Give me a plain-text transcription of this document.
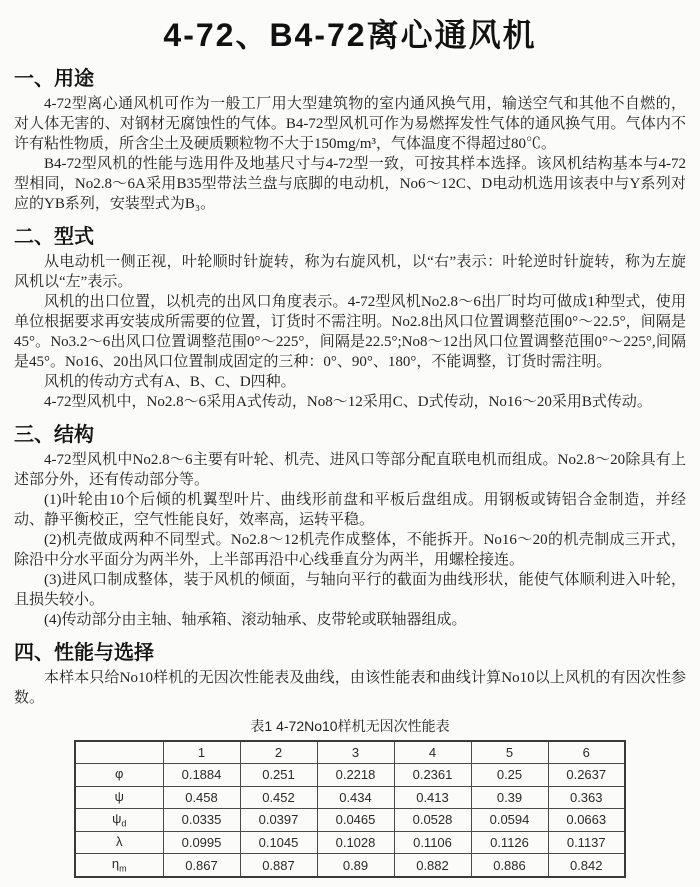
4-72、B4-72离心通风机
一、用途

4-72型离心通风机可作为一般工厂用大型建筑物的室内通风换气用，输送空气和其他不自燃的，对人体无害的、对钢材无腐蚀性的气体。B4-72型风机可作为易燃挥发性气体的通风换气用。气体内不许有粘性物质，所含尘土及硬质颗粒物不大于150mg/m³，气体温度不得超过80℃。

B4-72型风机的性能与选用件及地基尺寸与4-72型一致，可按其样本选择。该风机结构基本与4-72型相同，No2.8～6A采用B35型带法兰盘与底脚的电动机，No6～12C、D电动机选用该表中与Y系列对应的YB系列，安装型式为B₃。

二、型式

从电动机一侧正视，叶轮顺时针旋转，称为右旋风机，以“右”表示：叶轮逆时针旋转，称为左旋风机以“左”表示。

风机的出口位置，以机壳的出风口角度表示。4-72型风机No2.8～6出厂时均可做成1种型式，使用单位根据要求再安装成所需要的位置，订货时不需注明。No2.8出风口位置调整范围0°～22.5°，间隔是45°。No3.2～6出风口位置调整范围0°～225°，间隔是22.5°;No8～12出风口位置调整范围0°～225°,间隔是45°。No16、20出风口位置制成固定的三种：0°、90°、180°，不能调整，订货时需注明。

风机的传动方式有A、B、C、D四种。

4-72型风机中，No2.8～6采用A式传动，No8～12采用C、D式传动，No16～20采用B式传动。

三、结构

4-72型风机中No2.8～6主要有叶轮、机壳、进风口等部分配直联电机而组成。No2.8～20除具有上述部分外，还有传动部分等。

(1)叶轮由10个后倾的机翼型叶片、曲线形前盘和平板后盘组成。用钢板或铸铝合金制造，并经动、静平衡校正，空气性能良好，效率高，运转平稳。

(2)机壳做成两种不同型式。No2.8～12机壳作成整体，不能拆开。No16～20的机壳制成三开式，除沿中分水平面分为两半外，上半部再沿中心线垂直分为两半，用螺栓接连。

(3)进风口制成整体，装于风机的倾面，与轴向平行的截面为曲线形状，能使气体顺利进入叶轮，且损失较小。

(4)传动部分由主轴、轴承箱、滚动轴承、皮带轮或联轴器组成。

四、性能与选择

本样本只给No10样机的无因次性能表及曲线，由该性能表和曲线计算No10以上风机的有因次性参数。

表1 4-72No10样机无因次性能表
	1	2	3	4	5	6
φ	0.1884	0.251	0.2218	0.2361	0.25	0.2637
ψ	0.458	0.452	0.434	0.413	0.39	0.363
$\psi_d$	0.0335	0.0397	0.0465	0.0528	0.0594	0.0663
λ	0.0995	0.1045	0.1028	0.1106	0.1126	0.1137
$\eta_m$	0.867	0.887	0.89	0.882	0.886	0.842
